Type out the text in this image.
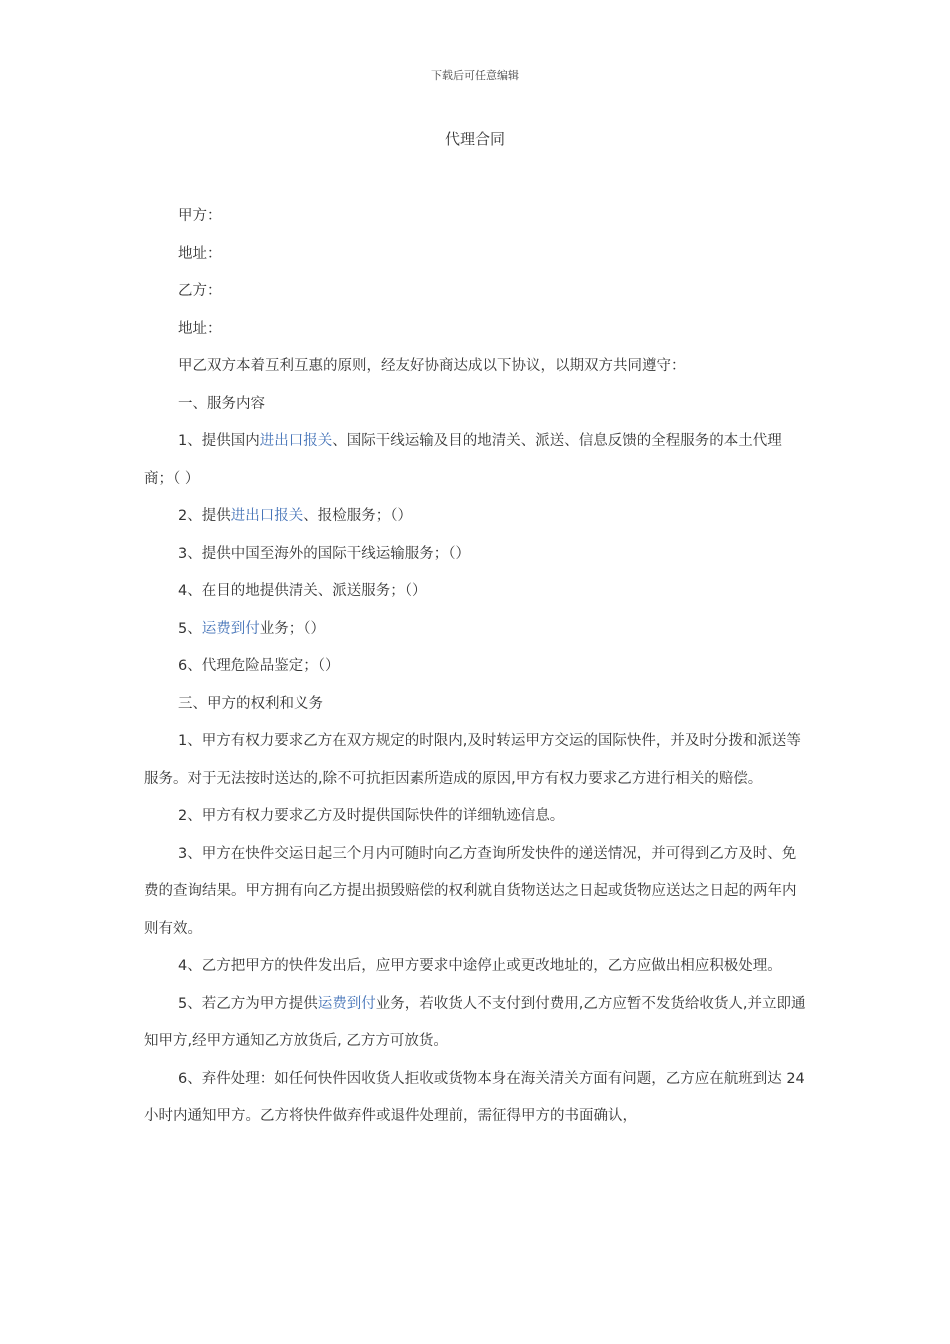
下载后可任意编辑
代理合同

甲方：

地址：

乙方：

地址：

甲乙双方本着互利互惠的原则，经友好协商达成以下协议，以期双方共同遵守：

一、服务内容

1、提供国内进出口报关、国际干线运输及目的地清关、派送、信息反馈的全程服务的本土代理商；（ ）

2、提供进出口报关、报检服务；（）

3、提供中国至海外的国际干线运输服务；（）

4、在目的地提供清关、派送服务；（）

5、运费到付业务；（）

6、代理危险品鉴定；（）

三、甲方的权利和义务

1、甲方有权力要求乙方在双方规定的时限内,及时转运甲方交运的国际快件，并及时分拨和派送等服务。对于无法按时送达的,除不可抗拒因素所造成的原因,甲方有权力要求乙方进行相关的赔偿。

2、甲方有权力要求乙方及时提供国际快件的详细轨迹信息。

3、甲方在快件交运日起三个月内可随时向乙方查询所发快件的递送情况，并可得到乙方及时、免费的查询结果。甲方拥有向乙方提出损毁赔偿的权利就自货物送达之日起或货物应送达之日起的两年内则有效。

4、乙方把甲方的快件发出后，应甲方要求中途停止或更改地址的，乙方应做出相应积极处理。

5、若乙方为甲方提供运费到付业务，若收货人不支付到付费用,乙方应暂不发货给收货人,并立即通知甲方,经甲方通知乙方放货后, 乙方方可放货。

6、弃件处理：如任何快件因收货人拒收或货物本身在海关清关方面有问题，乙方应在航班到达 24 小时内通知甲方。乙方将快件做弃件或退件处理前，需征得甲方的书面确认，
